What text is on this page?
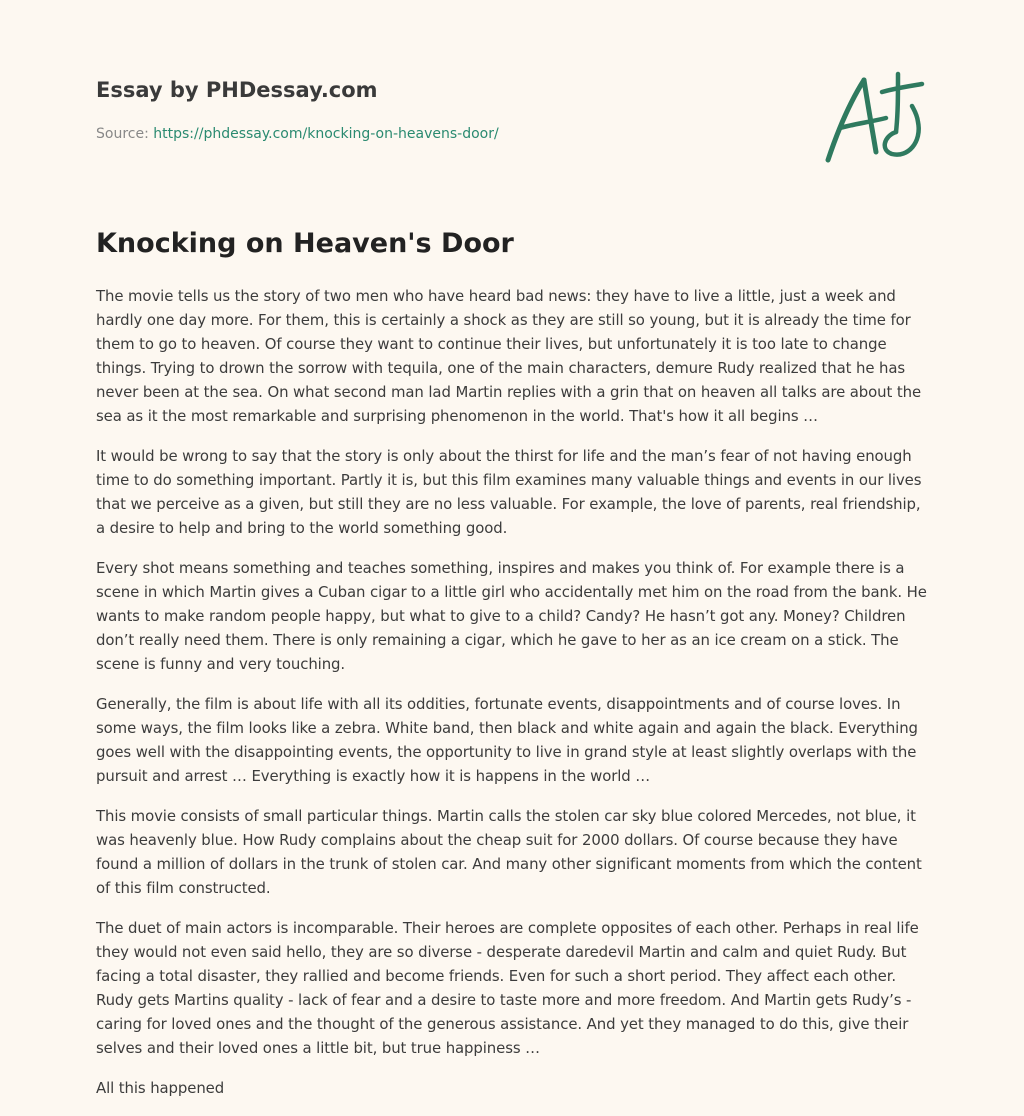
Essay by PHDessay.com
Source: https://phdessay.com/knocking-on-heavens-door/
Knocking on Heaven's Door

The movie tells us the story of two men who have heard bad news: they have to live a little, just a week and hardly one day more. For them, this is certainly a shock as they are still so young, but it is already the time for them to go to heaven. Of course they want to continue their lives, but unfortunately it is too late to change things. Trying to drown the sorrow with tequila, one of the main characters, demure Rudy realized that he has never been at the sea. On what second man lad Martin replies with a grin that on heaven all talks are about the sea as it the most remarkable and surprising phenomenon in the world. That's how it all begins …

It would be wrong to say that the story is only about the thirst for life and the man’s fear of not having enough time to do something important. Partly it is, but this film examines many valuable things and events in our lives that we perceive as a given, but still they are no less valuable. For example, the love of parents, real friendship, a desire to help and bring to the world something good.

Every shot means something and teaches something, inspires and makes you think of. For example there is a scene in which Martin gives a Cuban cigar to a little girl who accidentally met him on the road from the bank. He wants to make random people happy, but what to give to a child? Candy? He hasn’t got any. Money? Children don’t really need them. There is only remaining a cigar, which he gave to her as an ice cream on a stick. The scene is funny and very touching.

Generally, the film is about life with all its oddities, fortunate events, disappointments and of course loves. In some ways, the film looks like a zebra. White band, then black and white again and again the black. Everything goes well with the disappointing events, the opportunity to live in grand style at least slightly overlaps with the pursuit and arrest … Everything is exactly how it is happens in the world …

This movie consists of small particular things. Martin calls the stolen car sky blue colored Mercedes, not blue, it was heavenly blue. How Rudy complains about the cheap suit for 2000 dollars. Of course because they have found a million of dollars in the trunk of stolen car. And many other significant moments from which the content of this film constructed.

The duet of main actors is incomparable. Their heroes are complete opposites of each other. Perhaps in real life they would not even said hello, they are so diverse - desperate daredevil Martin and calm and quiet Rudy. But facing a total disaster, they rallied and become friends. Even for such a short period. They affect each other. Rudy gets Martins quality - lack of fear and a desire to taste more and more freedom. And Martin gets Rudy’s - caring for loved ones and the thought of the generous assistance. And yet they managed to do this, give their selves and their loved ones a little bit, but true happiness …

All this happened
